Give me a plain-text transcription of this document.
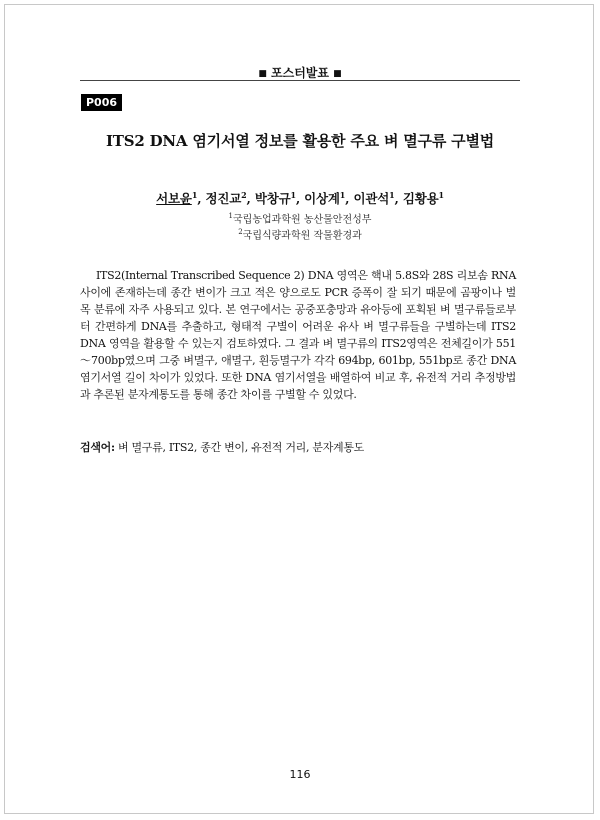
■ 포스터발표 ■
P006
ITS2 DNA 염기서열 정보를 활용한 주요 벼 멸구류 구별법
서보윤$^1$, 정진교$^2$, 박창규$^1$, 이상계$^1$, 이관석$^1$, 김황용$^1$
$^1$국립농업과학원 농산물안전성부
$^2$국립식량과학원 작물환경과

ITS2(Internal Transcribed Sequence 2) DNA 영역은 핵내 5.8S와 28S 리보솜 RNA 사이에 존재하는데 종간 변이가 크고 적은 양으로도 PCR 증폭이 잘 되기 때문에 곰팡이나 벌목 분류에 자주 사용되고 있다. 본 연구에서는 공중포충망과 유아등에 포획된 벼 멸구류들로부터 간편하게 DNA를 추출하고, 형태적 구별이 어려운 유사 벼 멸구류들을 구별하는데 ITS2 DNA 영역을 활용할 수 있는지 검토하였다. 그 결과 벼 멸구류의 ITS2영역은 전체길이가 551～700bp였으며 그중 벼멸구, 애멸구, 흰등멸구가 각각 694bp, 601bp, 551bp로 종간 DNA 염기서열 길이 차이가 있었다. 또한 DNA 염기서열을 배열하여 비교 후, 유전적 거리 추정방법과 추론된 분자계통도를 통해 종간 차이를 구별할 수 있었다.

검색어: 벼 멸구류, ITS2, 종간 변이, 유전적 거리, 분자계통도
116
